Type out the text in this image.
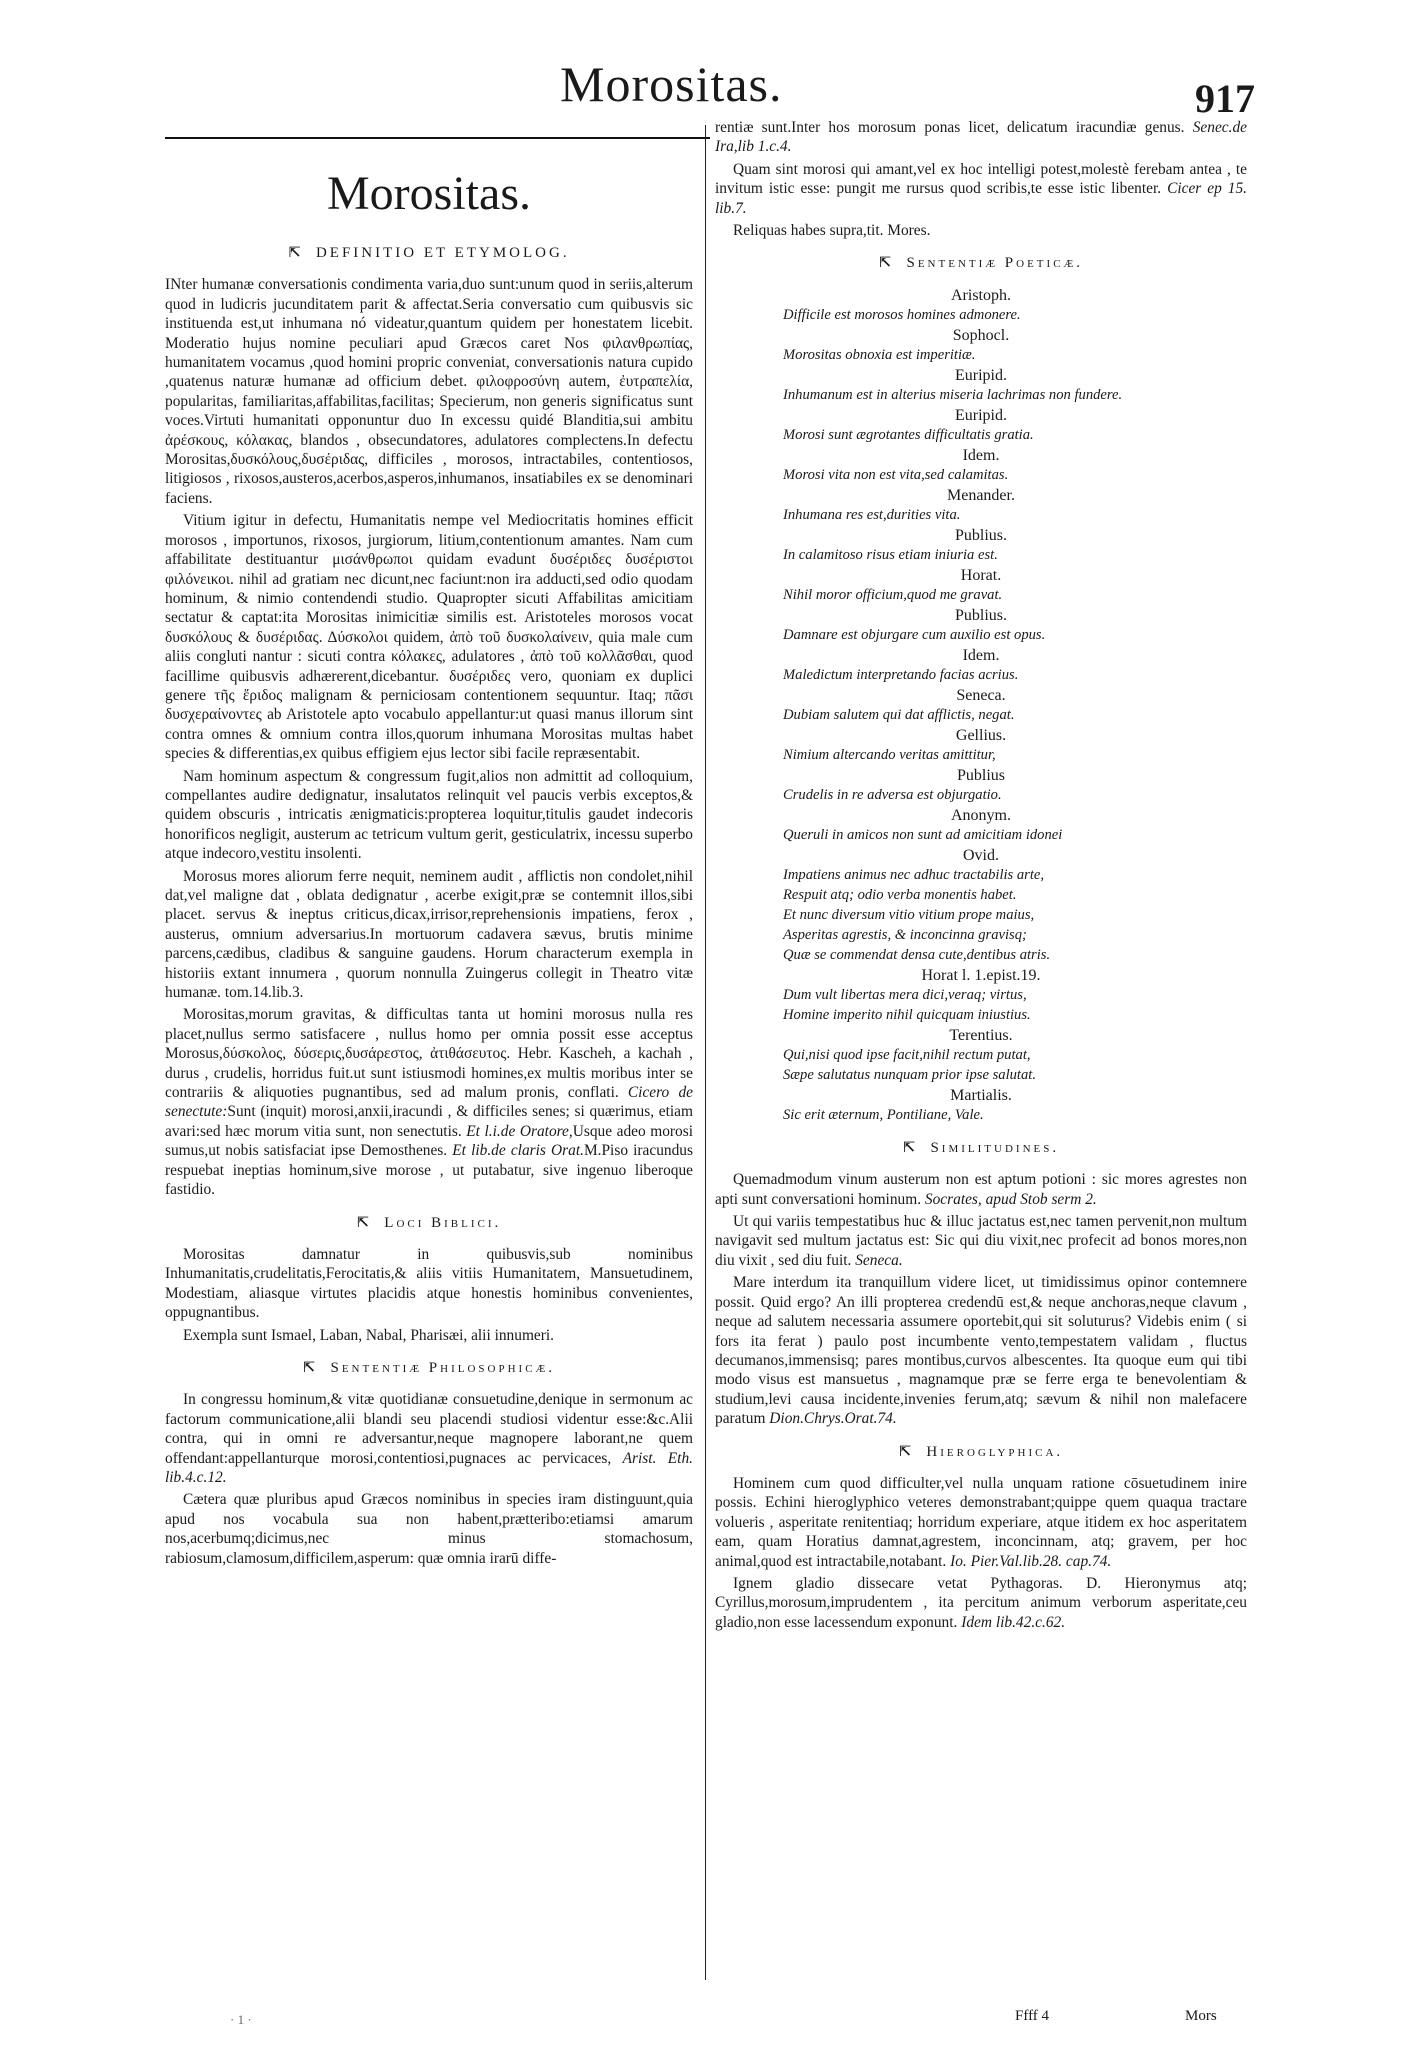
Morositas.	917
Morositas.
⇱ DEFINITIO ET ETYMOLOG.

INter humanæ conversationis condimenta varia,duo sunt:unum quod in seriis,alterum quod in ludicris jucunditatem parit & affectat.Seria conversatio cum quibusvis sic instituenda est,ut inhumana nó videatur,quantum quidem per honestatem licebit. Moderatio hujus nomine peculiari apud Græcos caret Nos φιλανθρωπίας, humanitatem vocamus ,quod homini propric conveniat, conversationis natura cupido ,quatenus naturæ humanæ ad officium debet. φιλοφροσύνη autem, ἐυτραπελία, popularitas, familiaritas,affabilitas,facilitas; Specierum, non generis significatus sunt voces.Virtuti humanitati opponuntur duo In excessu quidé Blanditia,sui ambitu ἀρέσκους, κόλακας, blandos , obsecundatores, adulatores complectens.In defectu Morositas,δυσκόλους,δυσέριδας, difficiles , morosos, intractabiles, contentiosos, litigiosos , rixosos,austeros,acerbos,asperos,inhumanos, insatiabiles ex se denominari faciens.

Vitium igitur in defectu, Humanitatis nempe vel Mediocritatis homines efficit morosos , importunos, rixosos, jurgiorum, litium,contentionum amantes. Nam cum affabilitate destituantur μισάνθρωποι quidam evadunt δυσέριδες δυσέριστοι φιλόνεικοι. nihil ad gratiam nec dicunt,nec faciunt:non ira adducti,sed odio quodam hominum, & nimio contendendi studio. Quapropter sicuti Affabilitas amicitiam sectatur & captat:ita Morositas inimicitiæ similis est. Aristoteles morosos vocat δυσκόλους & δυσέριδας. Δύσκολοι quidem, ἀπὸ τοῦ δυσκολαίνειν, quia male cum aliis congluti nantur : sicuti contra κόλακες, adulatores , ἀπὸ τοῦ κολλᾶσθαι, quod facillime quibusvis adhærerent,dicebantur. δυσέριδες vero, quoniam ex duplici genere τῆς ἔριδος malignam & perniciosam contentionem sequuntur. Itaq; πᾶσι δυσχεραίνοντες ab Aristotele apto vocabulo appellantur:ut quasi manus illorum sint contra omnes & omnium contra illos,quorum inhumana Morositas multas habet species & differentias,ex quibus effigiem ejus lector sibi facile repræsentabit.

Nam hominum aspectum & congressum fugit,alios non admittit ad colloquium, compellantes audire dedignatur, insalutatos relinquit vel paucis verbis exceptos,& quidem obscuris , intricatis ænigmaticis:propterea loquitur,titulis gaudet indecoris honorificos negligit, austerum ac tetricum vultum gerit, gesticulatrix, incessu superbo atque indecoro,vestitu insolenti.

Morosus mores aliorum ferre nequit, neminem audit , afflictis non condolet,nihil dat,vel maligne dat , oblata dedignatur , acerbe exigit,præ se contemnit illos,sibi placet. servus & ineptus criticus,dicax,irrisor,reprehensionis impatiens, ferox , austerus, omnium adversarius.In mortuorum cadavera sævus, brutis minime parcens,cædibus, cladibus & sanguine gaudens. Horum characterum exempla in historiis extant innumera , quorum nonnulla Zuingerus collegit in Theatro vitæ humanæ. tom.14.lib.3.

Morositas,morum gravitas, & difficultas tanta ut homini morosus nulla res placet,nullus sermo satisfacere , nullus homo per omnia possit esse acceptus Morosus,δύσκολος, δύσερις,δυσάρεστος, ἀτιθάσευτος. Hebr. Kascheh, a kachah , durus , crudelis, horridus fuit.ut sunt istiusmodi homines,ex multis moribus inter se contrariis & aliquoties pugnantibus, sed ad malum pronis, conflati. Cicero de senectute:Sunt (inquit) morosi,anxii,iracundi , & difficiles senes; si quærimus, etiam avari:sed hæc morum vitia sunt, non senectutis. Et l.i.de Oratore,Usque adeo morosi sumus,ut nobis satisfaciat ipse Demosthenes. Et lib.de claris Orat.M.Piso iracundus respuebat ineptias hominum,sive morose , ut putabatur, sive ingenuo liberoque fastidio.

⇱ Loci Biblici.

Morositas damnatur in quibusvis,sub nominibus Inhumanitatis,crudelitatis,Ferocitatis,& aliis vitiis Humanitatem, Mansuetudinem, Modestiam, aliasque virtutes placidis atque honestis hominibus convenientes, oppugnantibus.

Exempla sunt Ismael, Laban, Nabal, Pharisæi, alii innumeri.

⇱ Sententiæ Philosophicæ.

In congressu hominum,& vitæ quotidianæ consuetudine,denique in sermonum ac factorum communicatione,alii blandi seu placendi studiosi videntur esse:&c.Alii contra, qui in omni re adversantur,neque magnopere laborant,ne quem offendant:appellanturque morosi,contentiosi,pugnaces ac pervicaces, Arist. Eth. lib.4.c.12.

Cætera quæ pluribus apud Græcos nominibus in species iram distinguunt,quia apud nos vocabula sua non habent,prætteribo:etiamsi amarum nos,acerbumq;dicimus,nec minus stomachosum, rabiosum,clamosum,difficilem,asperum: quæ omnia irarū diffe-

rentiæ sunt.Inter hos morosum ponas licet, delicatum iracundiæ genus. Senec.de Ira,lib 1.c.4.

Quam sint morosi qui amant,vel ex hoc intelligi potest,molestè ferebam antea , te invitum istic esse: pungit me rursus quod scribis,te esse istic libenter. Cicer ep 15. lib.7.

Reliquas habes supra,tit. Mores.

⇱ Sententiæ Poeticæ.
Aristoph.

Difficile est morosos homines admonere.

Sophocl.

Morositas obnoxia est imperitiæ.

Euripid.

Inhumanum est in alterius miseria lachrimas non fundere.

Euripid.

Morosi sunt ægrotantes difficultatis gratia.

Idem.

Morosi vita non est vita,sed calamitas.

Menander.

Inhumana res est,durities vita.

Publius.

In calamitoso risus etiam iniuria est.

Horat.

Nihil moror officium,quod me gravat.

Publius.

Damnare est objurgare cum auxilio est opus.

Idem.

Maledictum interpretando facias acrius.

Seneca.

Dubiam salutem qui dat afflictis, negat.

Gellius.

Nimium altercando veritas amittitur,

Publius

Crudelis in re adversa est objurgatio.

Anonym.

Queruli in amicos non sunt ad amicitiam idonei

Ovid.

Impatiens animus nec adhuc tractabilis arte,

Respuit atq; odio verba monentis habet.

Et nunc diversum vitio vitium prope maius,

Asperitas agrestis, & inconcinna gravisq;

Quæ se commendat densa cute,dentibus atris.

Horat l. 1.epist.19.

Dum vult libertas mera dici,veraq; virtus,

Homine imperito nihil quicquam iniustius.

Terentius.

Qui,nisi quod ipse facit,nihil rectum putat,

Sæpe salutatus nunquam prior ipse salutat.

Martialis.

Sic erit æternum, Pontiliane, Vale.

⇱ Similitudines.

Quemadmodum vinum austerum non est aptum potioni : sic mores agrestes non apti sunt conversationi hominum. Socrates, apud Stob serm 2.

Ut qui variis tempestatibus huc & illuc jactatus est,nec tamen pervenit,non multum navigavit sed multum jactatus est: Sic qui diu vixit,nec profecit ad bonos mores,non diu vixit , sed diu fuit. Seneca.

Mare interdum ita tranquillum videre licet, ut timidissimus opinor contemnere possit. Quid ergo? An illi propterea credendū est,& neque anchoras,neque clavum , neque ad salutem necessaria assumere oportebit,qui sit soluturus? Videbis enim ( si fors ita ferat ) paulo post incumbente vento,tempestatem validam , fluctus decumanos,immensisq; pares montibus,curvos albescentes. Ita quoque eum qui tibi modo visus est mansuetus , magnamque præ se ferre erga te benevolentiam & studium,levi causa incidente,invenies ferum,atq; sævum & nihil non malefacere paratum Dion.Chrys.Orat.74.

⇱ Hieroglyphica.

Hominem cum quod difficulter,vel nulla unquam ratione cōsuetudinem inire possis. Echini hieroglyphico veteres demonstrabant;quippe quem quaqua tractare volueris , asperitate renitentiaq; horridum experiare, atque itidem ex hoc asperitatem eam, quam Horatius damnat,agrestem, inconcinnam, atq; gravem, per hoc animal,quod est intractabile,notabant. Io. Pier.Val.lib.28. cap.74.

Ignem gladio dissecare vetat Pythagoras. D. Hieronymus atq; Cyrillus,morosum,imprudentem , ita percitum animum verborum asperitate,ceu gladio,non esse lacessendum exponunt. Idem lib.42.c.62.

· 1 ·	Ffff 4	Mors
